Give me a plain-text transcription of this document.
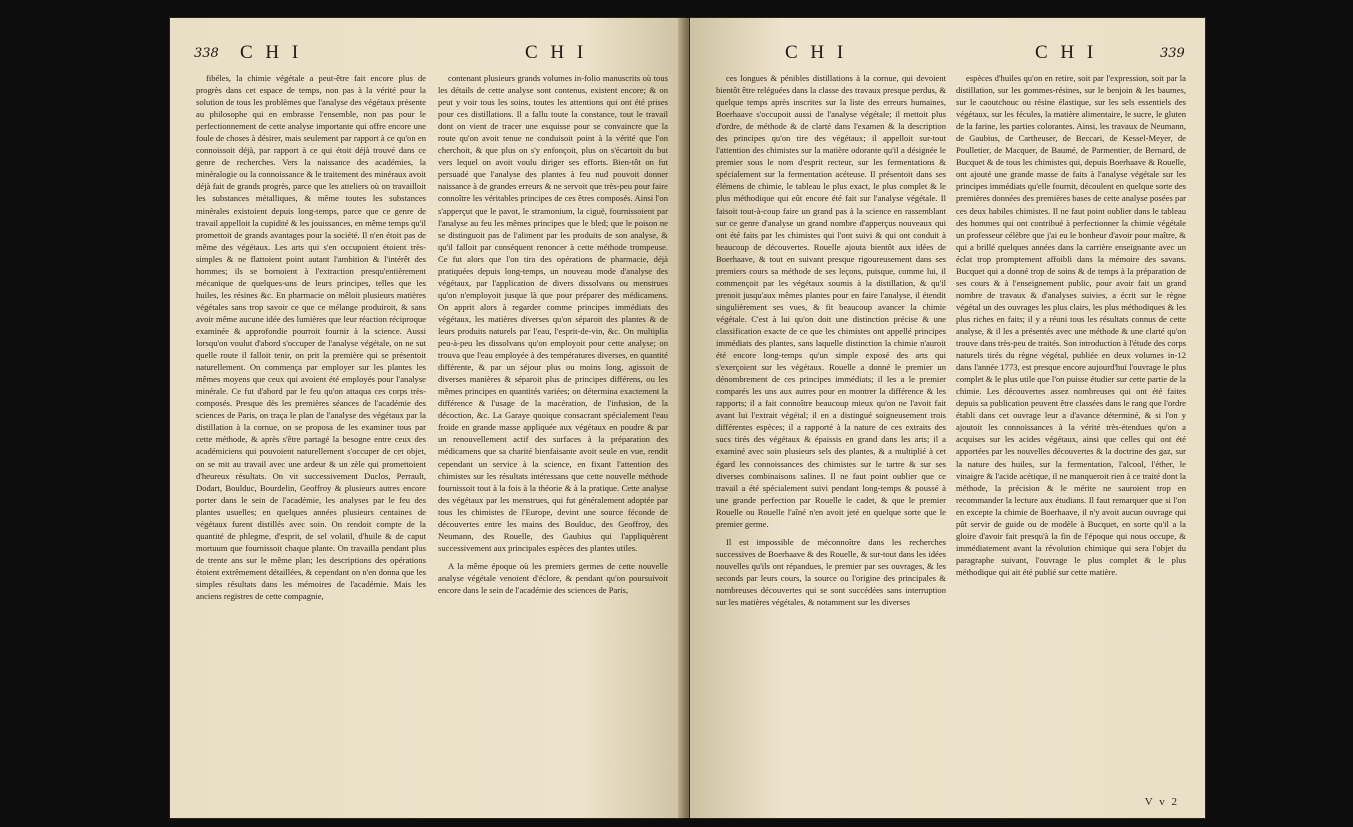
338 C H I	C H I

fibéles, la chimie végétale a peut-être fait encore plus de progrès dans cet espace de temps, non pas à la vérité pour la solution de tous les problèmes que l'analyse des végétaux présente au philosophe qui en embrasse l'ensemble, non pas pour le perfectionnement de cette analyse importante qui offre encore une foule de choses à désirer, mais seulement par rapport à ce qu'on en connoissoit déjà, par rapport à ce qui étoit déjà trouvé dans ce genre de recherches. Vers la naissance des académies, la minéralogie ou la connoissance & le traitement des minéraux avoit déjà fait de grands progrès, parce que les atteliers où on travailloit les substances métalliques, & même toutes les substances minérales existoient depuis long-temps, parce que ce genre de travail appelloit la cupidité & les jouissances, en même temps qu'il promettoit de grands avantages pour la société. Il n'en étoit pas de même des végétaux. Les arts qui s'en occupoient étoient très-simples & ne flattoient point autant l'ambition & l'intérêt des hommes; ils se bornoient à l'extraction presqu'entièrement mécanique de quelques-uns de leurs principes, telles que les huiles, les résines &c. En pharmacie on mêloit plusieurs matières végétales sans trop savoir ce que ce mélange produiroit, & sans avoir même aucune idée des lumières que leur réaction réciproque examinée & approfondie pourroit fournir à la science. Aussi lorsqu'on voulut d'abord s'occuper de l'analyse végétale, on ne sut quelle route il falloit tenir, on prit la première qui se présentoit naturellement. On commença par employer sur les plantes les mêmes moyens que ceux qui avoient été employés pour l'analyse minérale. Ce fut d'abord par le feu qu'on attaqua ces corps très-composés. Presque dès les premières séances de l'académie des sciences de Paris, on traça le plan de l'analyse des végétaux par la distillation à la cornue, on se proposa de les examiner tous par cette méthode, & après s'être partagé la besogne entre ceux des académiciens qui pouvoient naturellement s'occuper de cet objet, on se mit au travail avec une ardeur & un zèle qui promettoient d'heureux résultats. On vit successivement Duclos, Perrault, Dodart, Boulduc, Bourdelin, Geoffroy & plusieurs autres encore porter dans le sein de l'académie, les analyses par le feu des plantes usuelles; en quelques années plusieurs centaines de végétaux furent distillés avec soin. On rendoit compte de la quantité de phlegme, d'esprit, de sel volatil, d'huile & de caput mortuum que fournissoit chaque plante. On travailla pendant plus de trente ans sur le même plan; les descriptions des opérations étoient extrêmement détaillées, & cependant on n'en donna que les simples résultats dans les mémoires de l'académie. Mais les anciens registres de cette compagnie,

contenant plusieurs grands volumes in-folio manuscrits où tous les détails de cette analyse sont contenus, existent encore; & on peut y voir tous les soins, toutes les attentions qui ont été prises pour ces distillations. Il a fallu toute la constance, tout le travail dont on vient de tracer une esquisse pour se convaincre que la route qu'on avoit tenue ne conduisoit point à la vérité que l'on cherchoit, & que plus on s'y enfonçoit, plus on s'écartoit du but vers lequel on avoit voulu diriger ses efforts. Bien-tôt on fut persuadé que l'analyse des plantes à feu nud pouvoit donner naissance à de grandes erreurs & ne servoit que très-peu pour faire connoître les véritables principes de ces êtres composés. Ainsi l'on s'apperçut que le pavot, le stramonium, la ciguë, fournissoient par l'analyse au feu les mêmes principes que le bled; que le poison ne se distinguoit pas de l'aliment par les produits de son analyse, & qu'il falloit par conséquent renoncer à cette méthode trompeuse. Ce fut alors que l'on tira des opérations de pharmacie, déjà pratiquées depuis long-temps, un nouveau mode d'analyse des végétaux, par l'application de divers dissolvans ou menstrues qu'on n'employoit jusque là que pour préparer des médicamens. On apprit alors à regarder comme principes immédiats des végétaux, les matières diverses qu'on séparoit des plantes & de leurs produits naturels par l'eau, l'esprit-de-vin, &c. On multiplia peu-à-peu les dissolvans qu'on employoit pour cette analyse; on trouva que l'eau employée à des températures diverses, en quantité différente, & par un séjour plus ou moins long, agissoit de diverses manières & séparoit plus de principes différens, ou les mêmes principes en quantités variées; on détermina exactement la différence & l'usage de la macération, de l'infusion, de la décoction, &c. La Garaye quoique consacrant spécialement l'eau froide en grande masse appliquée aux végétaux en poudre & par un renouvellement actif des surfaces à la préparation des médicamens que sa charité bienfaisante avoit seule en vue, rendit cependant un service à la science, en fixant l'attention des chimistes sur les résultats intéressans que cette nouvelle méthode fournissoit tout à la fois à la théorie & à la pratique. Cette analyse des végétaux par les menstrues, qui fut généralement adoptée par tous les chimistes de l'Europe, devint une source féconde de découvertes entre les mains des Boulduc, des Geoffroy, des Neumann, des Rouelle, des Gaubius qui l'appliquèrent successivement aux principales espèces des plantes utiles.

A la même époque où les premiers germes de cette nouvelle analyse végétale venoient d'éclore, & pendant qu'on poursuivoit encore dans le sein de l'académie des sciences de Paris,

C H I	C H I	339

ces longues & pénibles distillations à la cornue, qui devoient bientôt être reléguées dans la classe des travaux presque perdus, & quelque temps après inscrites sur la liste des erreurs humaines, Boerhaave s'occupoit aussi de l'analyse végétale; il mettoit plus d'ordre, de méthode & de clarté dans l'examen & la description des principes qu'on tire des végétaux; il appelloit sur-tout l'attention des chimistes sur la matière odorante qu'il a désignée le premier sous le nom d'esprit recteur, sur les fermentations & spécialement sur la fermentation acéteuse. Il présentoit dans ses élémens de chimie, le tableau le plus exact, le plus complet & le plus méthodique qui eût encore été fait sur l'analyse végétale. Il faisoit tout-à-coup faire un grand pas à la science en rassemblant sur ce genre d'analyse un grand nombre d'apperçus nouveaux qui ont été faits par les chimistes qui l'ont suivi & qui ont conduit à beaucoup de découvertes. Rouelle ajouta bientôt aux idées de Boerhaave, & tout en suivant presque rigoureusement dans ses premiers cours sa méthode de ses leçons, puisque, comme lui, il commençoit par les végétaux soumis à la distillation, & qu'il prenoit jusqu'aux mêmes plantes pour en faire l'analyse, il étendit singulièrement ses vues, & fit beaucoup avancer la chimie végétale. C'est à lui qu'on doit une distinction précise & une classification exacte de ce que les chimistes ont appellé principes immédiats des plantes, sans laquelle distinction la chimie n'auroit été encore long-temps qu'un simple exposé des arts qui s'exerçoient sur les végétaux. Rouelle a donné le premier un dénombrement de ces principes immédiats; il les a le premier comparés les uns aux autres pour en montrer la différence & les rapports; il a fait connoître beaucoup mieux qu'on ne l'avoit fait avant lui l'extrait végétal; il en a distingué soigneusement trois différentes espèces; il a rapporté à la nature de ces extraits des sucs tirés des végétaux & épaissis en grand dans les arts; il a examiné avec soin plusieurs sels des plantes, & a multiplié à cet égard les connoissances des chimistes sur le tartre & sur ses diverses combinaisons salines. Il ne faut point oublier que ce travail a été spécialement suivi pendant long-temps & poussé à une grande perfection par Rouelle le cadet, & que le premier Rouelle ou Rouelle l'aîné n'en avoit jeté en quelque sorte que le premier germe.

Il est impossible de méconnoître dans les recherches successives de Boerhaave & des Rouelle, & sur-tout dans les idées nouvelles qu'ils ont répandues, le premier par ses ouvrages, & les seconds par leurs cours, la source ou l'origine des principales & nombreuses découvertes qui se sont succédées sans interruption sur les matières végétales, & notamment sur les diverses

espèces d'huiles qu'on en retire, soit par l'expression, soit par la distillation, sur les gommes-résines, sur le benjoin & les baumes, sur le caoutchouc ou résine élastique, sur les sels essentiels des végétaux, sur les fécules, la matière alimentaire, le sucre, le gluten de la farine, les parties colorantes. Ainsi, les travaux de Neumann, de Gaubius, de Cartheuser, de Beccari, de Kessel-Meyer, de Poulletier, de Macquer, de Baumé, de Parmentier, de Bernard, de Bucquet & de tous les chimistes qui, depuis Boerhaave & Rouelle, ont ajouté une grande masse de faits à l'analyse végétale sur les principes immédiats qu'elle fournit, découlent en quelque sorte des premières données des premières bases de cette analyse posées par ces deux habiles chimistes. Il ne faut point oublier dans le tableau des hommes qui ont contribué à perfectionner la chimie végétale un professeur célèbre que j'ai eu le bonheur d'avoir pour maître, & qui a brillé quelques années dans la carrière enseignante avec un éclat trop promptement affoibli dans la mémoire des savans. Bucquet qui a donné trop de soins & de temps à la préparation de ses cours & à l'enseignement public, pour avoir fait un grand nombre de travaux & d'analyses suivies, a écrit sur le règne végétal un des ouvrages les plus clairs, les plus méthodiques & les plus riches en faits; il y a réuni tous les résultats connus de cette analyse, & il les a présentés avec une méthode & une clarté qu'on trouve dans très-peu de traités. Son introduction à l'étude des corps naturels tirés du règne végétal, publiée en deux volumes in-12 dans l'année 1773, est presque encore aujourd'hui l'ouvrage le plus complet & le plus utile que l'on puisse étudier sur cette partie de la chimie. Les découvertes assez nombreuses qui ont été faites depuis sa publication peuvent être classées dans le rang que l'ordre établi dans cet ouvrage leur a d'avance déterminé, & si l'on y ajoutoit les connoissances à la vérité très-étendues qu'on a acquises sur les acides végétaux, ainsi que celles qui ont été apportées par les nouvelles découvertes & la doctrine des gaz, sur la nature des huiles, sur la fermentation, l'alcool, l'éther, le vinaigre & l'acide acétique, il ne manqueroit rien à ce traité dont la méthode, la précision & le mérite ne sauroient trop en recommander la lecture aux étudians. Il faut remarquer que si l'on en excepte la chimie de Boerhaave, il n'y avoit aucun ouvrage qui pût servir de guide ou de modèle à Bucquet, en sorte qu'il a la gloire d'avoir fait presqu'à la fin de l'époque qui nous occupe, & immédiatement avant la révolution chimique qui sera l'objet du paragraphe suivant, l'ouvrage le plus complet & le plus méthodique qui ait été publié sur cette matière.

V v 2
